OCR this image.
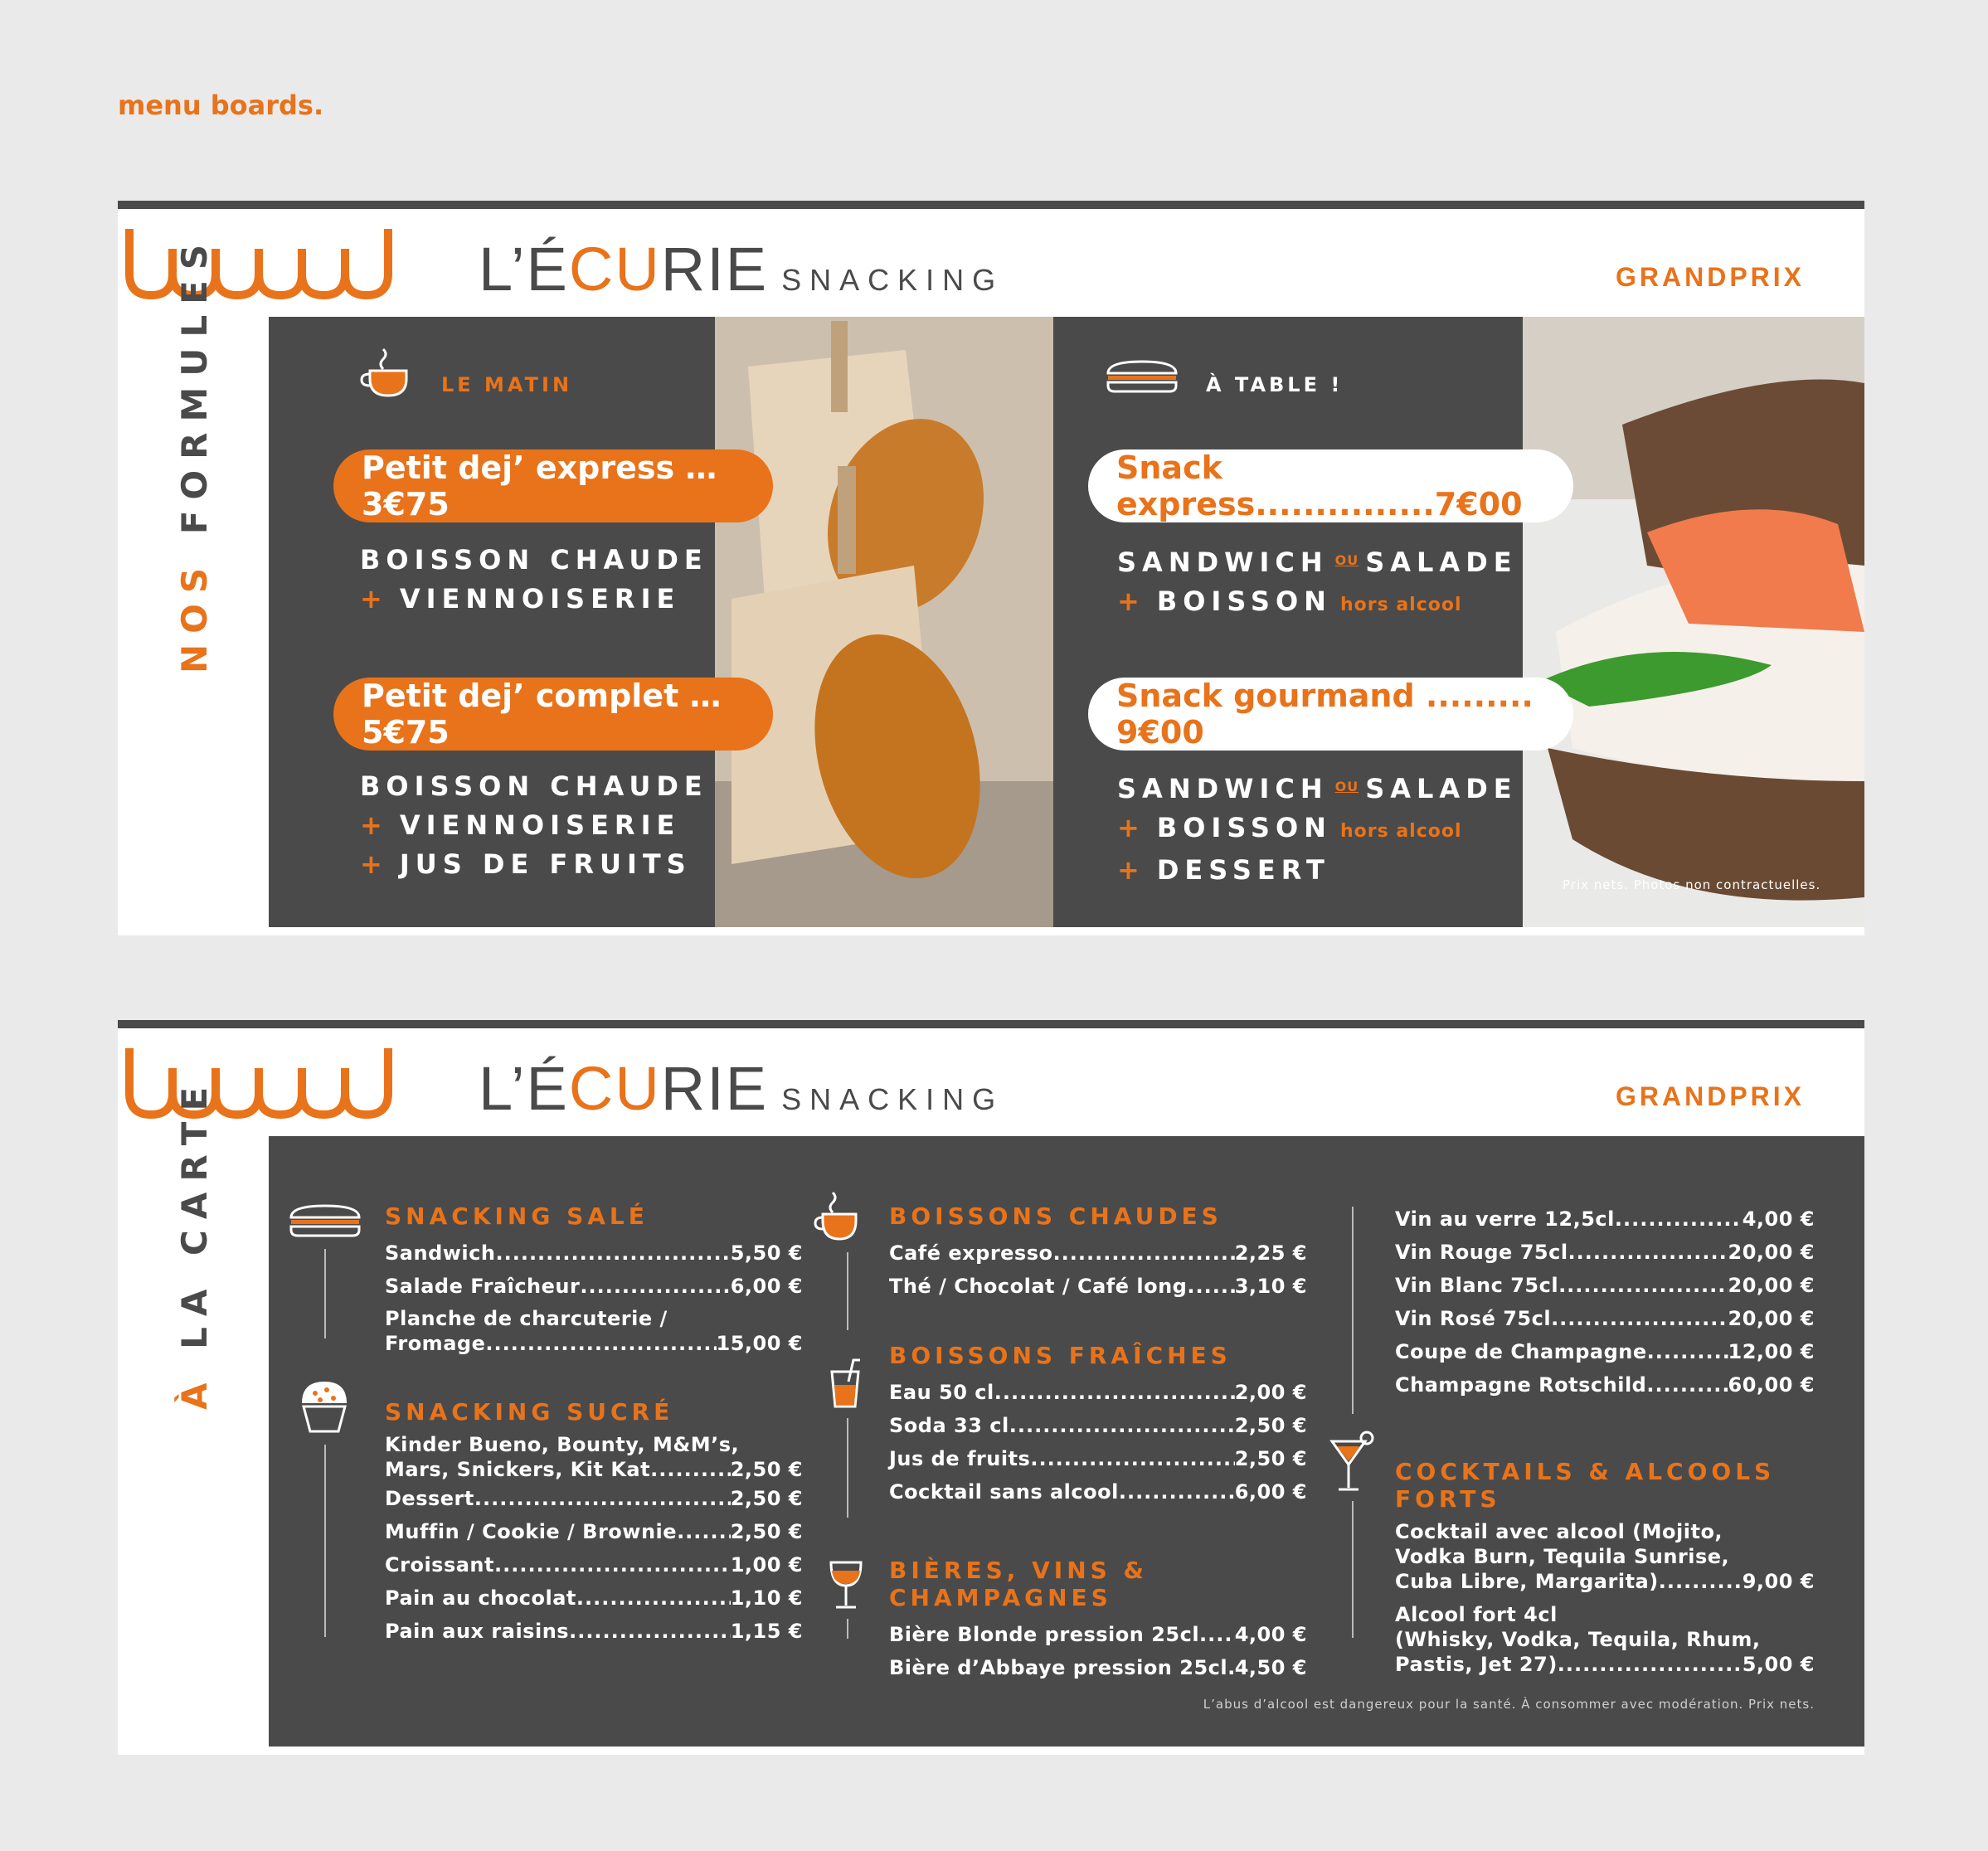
menu boards.
L’ÉCURIE SNACKING	GRANDPRIX
NOS FORMULES	LE MATIN
Petit dej’ express … 3€75
BOISSON CHAUDE
+ VIENNOISERIE
Petit dej’ complet … 5€75
BOISSON CHAUDE
+ VIENNOISERIE
+ JUS DE FRUITS
À TABLE !
Snack express...............7€00
SANDWICH $^{OU}$ SALADE
+ BOISSON hors alcool
Snack gourmand ......... 9€00
SANDWICH $^{OU}$ SALADE
+ BOISSON hors alcool
+ DESSERT	Prix nets. Photos non contractuelles.
L’ÉCURIE SNACKING	GRANDPRIX
À LA CARTE	SNACKING SALÉ
Sandwich .....	5,50 €
Salade Fraîcheur .....	6,00 €
Planche de charcuterie /
Fromage .....	15,00 €
SNACKING SUCRÉ
Kinder Bueno, Bounty, M&M’s,
Mars, Snickers, Kit Kat .....	2,50 €
Dessert .....	2,50 €
Muffin / Cookie / Brownie .....	2,50 €
Croissant .....	1,00 €
Pain au chocolat .....	1,10 €
Pain aux raisins .....	1,15 €
BOISSONS CHAUDES
Café expresso .....	2,25 €
Thé / Chocolat / Café long ..... 3,10 €
BOISSONS FRAÎCHES
Eau 50 cl .....	2,00 €
Soda 33 cl .....	2,50 €
Jus de fruits .....	2,50 €
Cocktail sans alcool .....	6,00 €
BIÈRES, VINS & CHAMPAGNES
Bière Blonde pression 25cl ..... 4,00 €
Bière d’Abbaye pression 25cl ..... 4,50 €
Vin au verre 12,5cl .....	4,00 €
Vin Rouge 75cl .....	20,00 €
Vin Blanc 75cl .....	20,00 €
Vin Rosé 75cl .....	20,00 €
Coupe de Champagne .....	12,00 €
Champagne Rotschild .....	60,00 €
COCKTAILS & ALCOOLS FORTS
Cocktail avec alcool (Mojito,
Vodka Burn, Tequila Sunrise,
Cuba Libre, Margarita) .....	9,00 €
Alcool fort 4cl
(Whisky, Vodka, Tequila, Rhum,
Pastis, Jet 27) .....	5,00 €
L’abus d’alcool est dangereux pour la santé. À consommer avec modération. Prix nets.
